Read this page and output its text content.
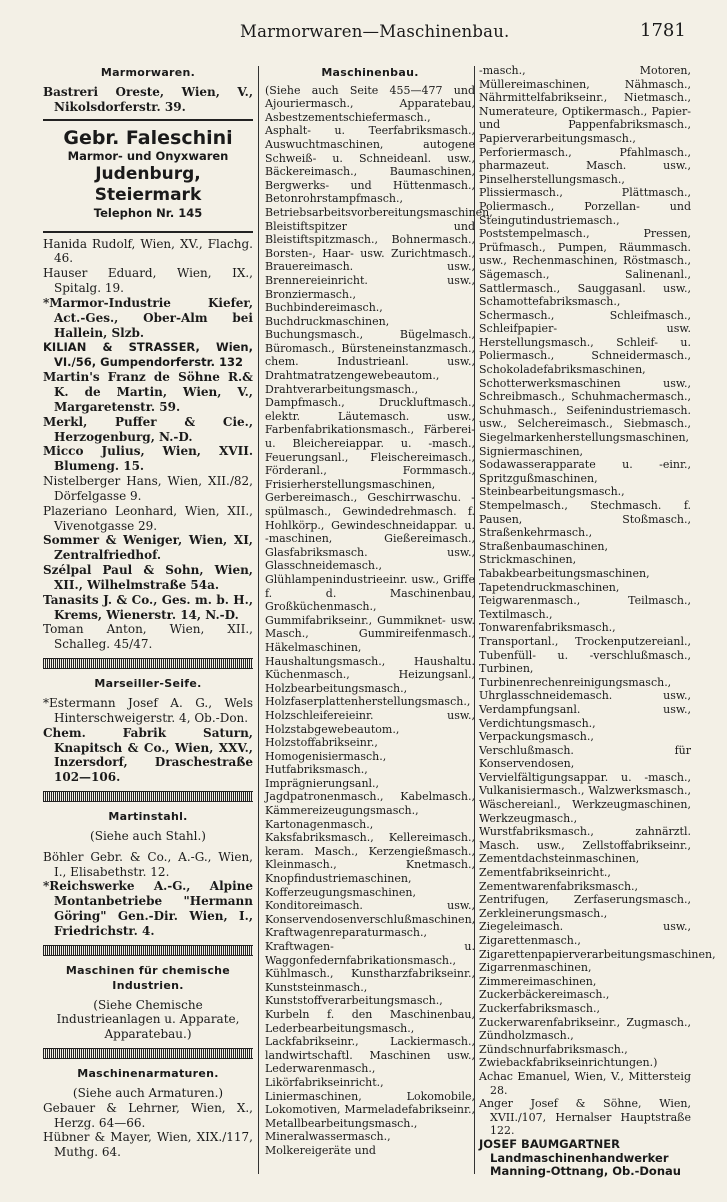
Marmorwaren—Maschinenbau.	1781
Marmorwaren.
Bastreri Oreste, Wien, V., Nikolsdorferstr. 39.
Gebr. Faleschini
Marmor- und Onyxwaren
Judenburg, Steiermark
Telephon Nr. 145
Hanida Rudolf, Wien, XV., Flachg. 46.
Hauser Eduard, Wien, IX., Spitalg. 19.
*Marmor-Industrie Kiefer, Act.-Ges., Ober-Alm bei Hallein, Slzb.
KILIAN & STRASSER, Wien, VI./56, Gumpendorferstr. 132
Martin's Franz de Söhne R.& K. de Martin, Wien, V., Margaretenstr. 59.
Merkl, Puffer & Cie., Herzogenburg, N.-D.
Micco Julius, Wien, XVII. Blumeng. 15.
Nistelberger Hans, Wien, XII./82, Dörfelgasse 9.
Plazeriano Leonhard, Wien, XII., Vivenotgasse 29.
Sommer & Weniger, Wien, XI, Zentralfriedhof.
Szélpal Paul & Sohn, Wien, XII., Wilhelmstraße 54a.
Tanasits J. & Co., Ges. m. b. H., Krems, Wienerstr. 14, N.-D.
Toman Anton, Wien, XII., Schalleg. 45/47.
Marseiller-Seife.
*Estermann Josef A. G., Wels Hinterschweigerstr. 4, Ob.-Don.
Chem. Fabrik Saturn, Knapitsch & Co., Wien, XXV., Inzersdorf, Draschestraße 102—106.
Martinstahl.
(Siehe auch Stahl.)
Böhler Gebr. & Co., A.-G., Wien, I., Elisabethstr. 12.
*Reichswerke A.-G., Alpine Montanbetriebe "Hermann Göring" Gen.-Dir. Wien, I., Friedrichstr. 4.
Maschinen für chemische Industrien.
(Siehe Chemische Industrieanlagen u. Apparate, Apparatebau.)
Maschinenarmaturen.
(Siehe auch Armaturen.)
Gebauer & Lehrner, Wien, X., Herzg. 64—66.
Hübner & Mayer, Wien, XIX./117, Muthg. 64.
Maschinenbau.
(Siehe auch Seite 455—477 und Ajouriermasch., Apparatebau, Asbestzementschiefermasch., Asphalt- u. Teerfabriksmasch., Auswuchtmaschinen, autogene Schweiß- u. Schneideanl. usw., Bäckereimasch., Baumaschinen, Bergwerks- und Hüttenmasch., Betonrohrstampfmasch., Betriebsarbeitsvorbereitungsmaschinen, Bleistiftspitzer und Bleistiftspitzmasch., Bohnermasch., Borsten-, Haar- usw. Zurichtmasch., Brauereimasch. usw., Brennereieinricht. usw., Bronziermasch., Buchbindereimasch., Buchdruckmaschinen, Buchungsmasch., Bügelmasch., Büromasch., Bürsteneinstanzmasch., chem. Industrieanl. usw., Drahtmatratzengewebeautom., Drahtverarbeitungsmasch., Dampfmasch., Druckluftmasch., elektr. Läutemasch. usw., Farbenfabrikationsmasch., Färberei- u. Bleichereiappar. u. -masch., Feuerungsanl., Fleischereimasch., Förderanl., Formmasch., Frisierherstellungsmaschinen, Gerbereimasch., Geschirrwaschu. -spülmasch., Gewindedrehmasch. f. Hohlkörp., Gewindeschneidappar. u. -maschinen, Gießereimasch., Glasfabriksmasch. usw., Glasschneidemasch., Glühlampenindustrieeinr. usw., Griffe f. d. Maschinenbau, Großküchenmasch., Gummifabrikseinr., Gummiknet- usw. Masch., Gummireifenmasch., Häkelmaschinen, Haushaltungsmasch., Haushaltu. Küchenmasch., Heizungsanl., Holzbearbeitungsmasch., Holzfaserplattenherstellungsmasch., Holzschleifereieinr. usw., Holzstabgewebeautom., Holzstoffabrikseinr., Homogenisiermasch., Hutfabriksmasch., Imprägnierungsanl., Jagdpatronenmasch., Kabelmasch., Kämmereizeugungsmasch., Kartonagenmasch., Kaksfabriksmasch., Kellereimasch., keram. Masch., Kerzengießmasch., Kleinmasch., Knetmasch., Knopfindustriemaschinen, Kofferzeugungsmaschinen, Konditoreimasch. usw., Konservendosenverschlußmaschinen, Kraftwagenreparaturmasch., Kraftwagen- u. Waggonfedernfabrikationsmasch., Kühlmasch., Kunstharzfabrikseinr., Kunststeinmasch., Kunststoffverarbeitungsmasch., Kurbeln f. den Maschinenbau, Lederbearbeitungsmasch., Lackfabrikseinr., Lackiermasch., landwirtschaftl. Maschinen usw., Lederwarenmasch., Likörfabrikseinricht., Liniermaschinen, Lokomobile, Lokomotiven, Marmeladefabrikseinr., Metallbearbeitungsmasch., Mineralwassermasch., Molkereigeräte und
-masch., Motoren, Müllereimaschinen, Nähmasch., Nährmittelfabrikseinr., Nietmasch., Numerateure, Optikermasch., Papier- und Pappenfabriksmasch., Papierverarbeitungsmasch., Perforiermasch., Pfahlmasch., pharmazeut. Masch. usw., Pinselherstellungsmasch., Plissiermasch., Plättmasch., Poliermasch., Porzellan- und Steingutindustriemasch., Poststempelmasch., Pressen, Prüfmasch., Pumpen, Räummasch. usw., Rechenmaschinen, Röstmasch., Sägemasch., Salinenanl., Sattlermasch., Sauggasanl. usw., Schamottefabriksmasch., Schermasch., Schleifmasch., Schleifpapier- usw. Herstellungsmasch., Schleif- u. Poliermasch., Schneidermasch., Schokoladefabriksmaschinen, Schotterwerksmaschinen usw., Schreibmasch., Schuhmachermasch., Schuhmasch., Seifenindustriemasch. usw., Selchereimasch., Siebmasch., Siegelmarkenherstellungsmaschinen, Signiermaschinen, Sodawasserapparate u. -einr., Spritzgußmaschinen, Steinbearbeitungsmasch., Stempelmasch., Stechmasch. f. Pausen, Stoßmasch., Straßenkehrmasch., Straßenbaumaschinen, Strickmaschinen, Tabakbearbeitungsmaschinen, Tapetendruckmaschinen, Teigwarenmasch., Teilmasch., Textilmasch., Tonwarenfabriksmasch., Transportanl., Trockenputzereianl., Tubenfüll- u. -verschlußmasch., Turbinen, Turbinenrechenreinigungsmasch., Uhrglasschneidemasch. usw., Verdampfungsanl. usw., Verdichtungsmasch., Verpackungsmasch., Verschlußmasch. für Konservendosen, Vervielfältigungsappar. u. -masch., Vulkanisiermasch., Walzwerksmasch., Wäschereianl., Werkzeugmaschinen, Werkzeugmasch., Wurstfabriksmasch., zahnärztl. Masch. usw., Zellstoffabrikseinr., Zementdachsteinmaschinen, Zementfabrikseinricht., Zementwarenfabriksmasch., Zentrifugen, Zerfaserungsmasch., Zerkleinerungsmasch., Ziegeleimasch. usw., Zigarettenmasch., Zigarettenpapierverarbeitungsmaschinen, Zigarrenmaschinen, Zimmereimaschinen, Zuckerbäckereimasch., Zuckerfabriksmasch., Zuckerwarenfabrikseinr., Zugmasch., Zündholzmasch., Zündschnurfabriksmasch., Zwiebackfabrikseinrichtungen.)
Achac Emanuel, Wien, V., Mittersteig 28.
Anger Josef & Söhne, Wien, XVII./107, Hernalser Hauptstraße 122.
JOSEF BAUMGARTNER
Landmaschinenhandwerker
Manning-Ottnang, Ob.-Donau
